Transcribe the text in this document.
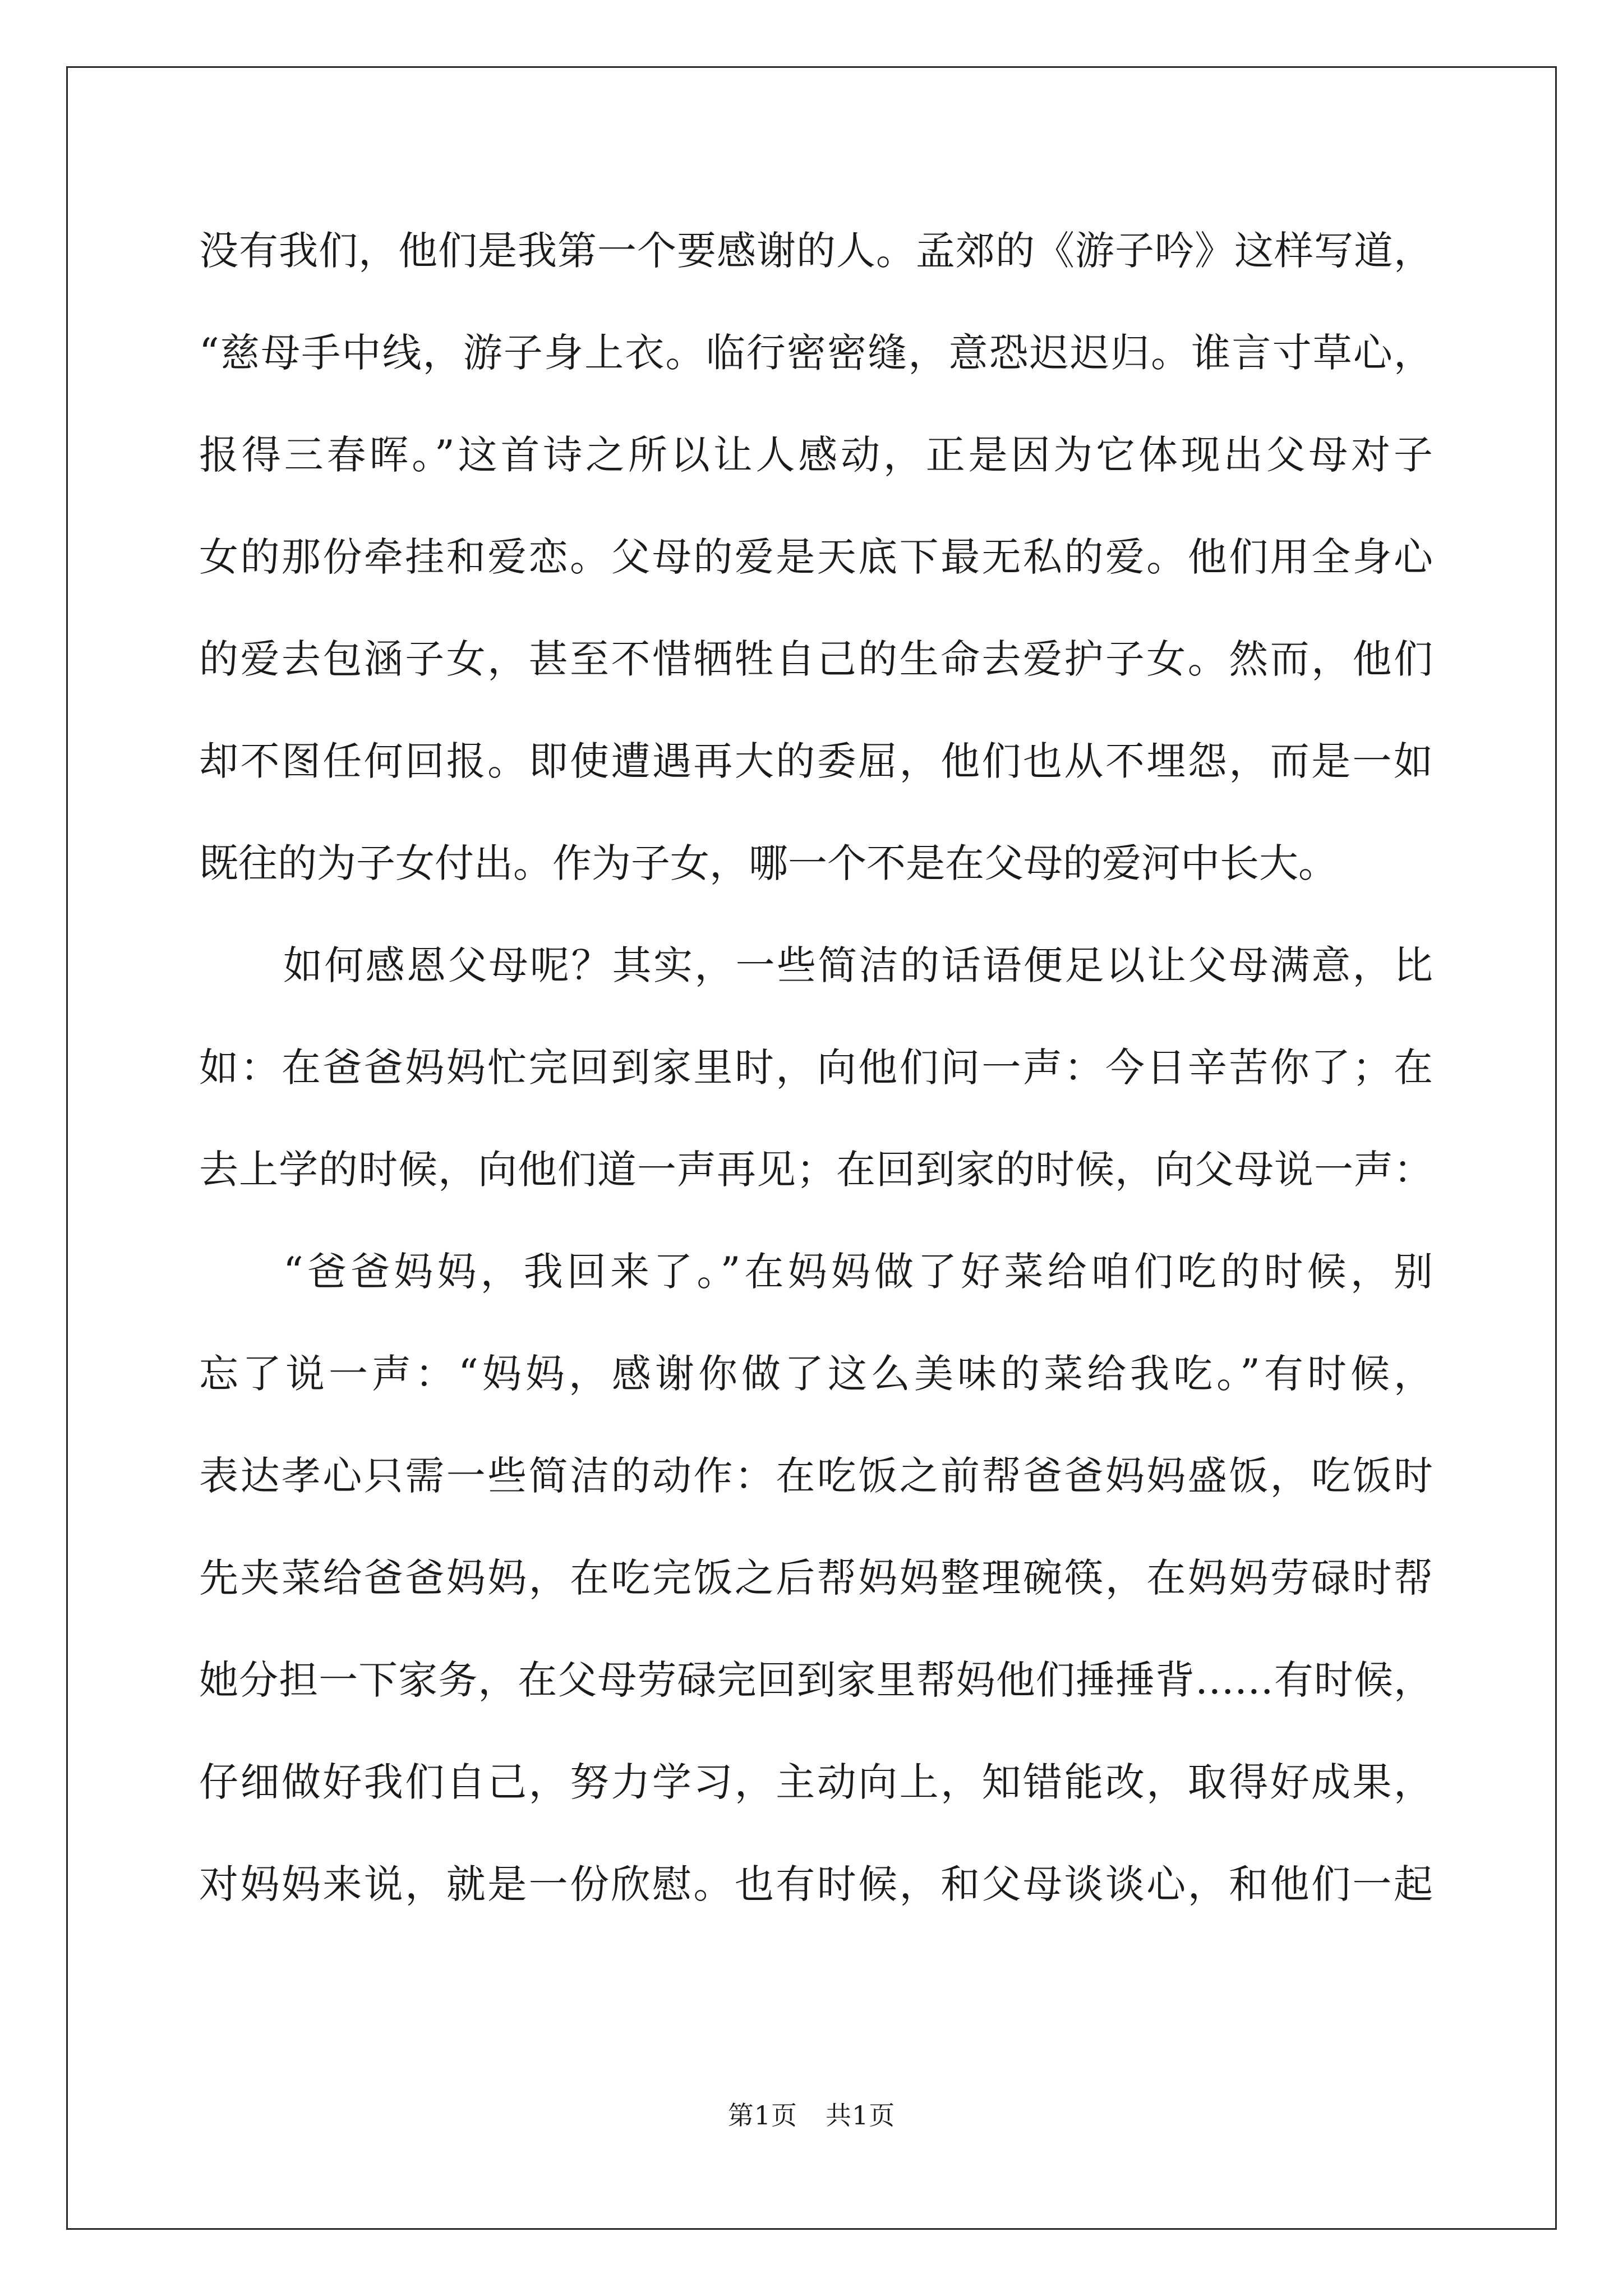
没有我们，他们是我第一个要感谢的人。孟郊的《游子吟》这样写道，
“慈母手中线，游子身上衣。临行密密缝，意恐迟迟归。谁言寸草心，
报得三春晖。”这首诗之所以让人感动，正是因为它体现出父母对子
女的那份牵挂和爱恋。父母的爱是天底下最无私的爱。他们用全身心
的爱去包涵子女，甚至不惜牺牲自己的生命去爱护子女。然而，他们
却不图任何回报。即使遭遇再大的委屈，他们也从不埋怨，而是一如
既往的为子女付出。作为子女，哪一个不是在父母的爱河中长大。
如何感恩父母呢？其实，一些简洁的话语便足以让父母满意，比
如：在爸爸妈妈忙完回到家里时，向他们问一声：今日辛苦你了；在
去上学的时候，向他们道一声再见；在回到家的时候，向父母说一声：
“爸爸妈妈，我回来了。”在妈妈做了好菜给咱们吃的时候，别
忘了说一声：“妈妈，感谢你做了这么美味的菜给我吃。”有时候，
表达孝心只需一些简洁的动作：在吃饭之前帮爸爸妈妈盛饭，吃饭时
先夹菜给爸爸妈妈，在吃完饭之后帮妈妈整理碗筷，在妈妈劳碌时帮
她分担一下家务，在父母劳碌完回到家里帮妈他们捶捶背……有时候，
仔细做好我们自己，努力学习，主动向上，知错能改，取得好成果，
对妈妈来说，就是一份欣慰。也有时候，和父母谈谈心，和他们一起
第1页 共1页
